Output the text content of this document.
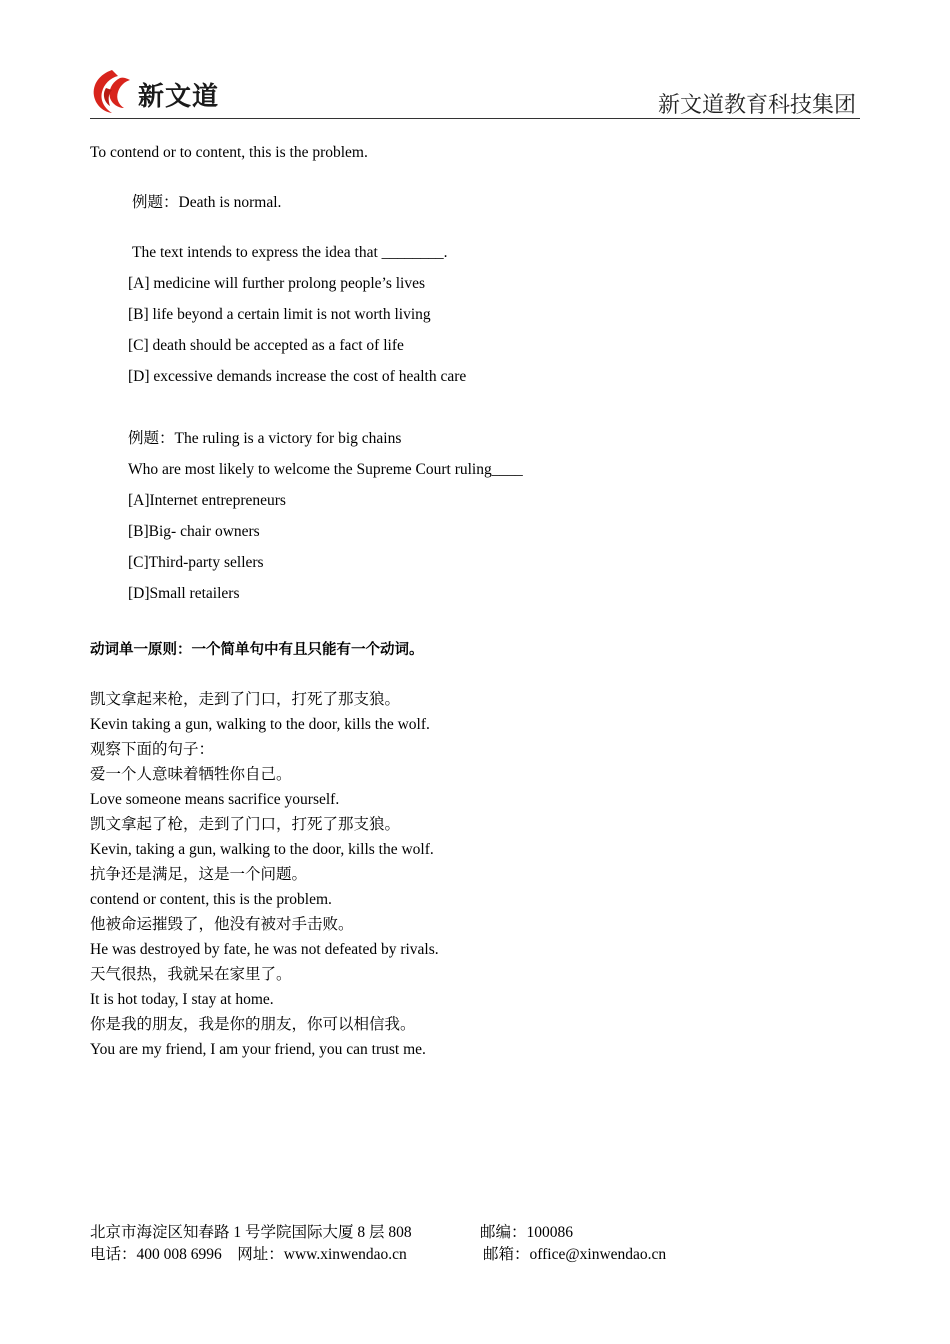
新文道	新文道教育科技集团
To contend or to content, this is the problem.
例题：Death is normal.
The text intends to express the idea that ________.
[A] medicine will further prolong people’s lives
[B] life beyond a certain limit is not worth living
[C] death should be accepted as a fact of life
[D] excessive demands increase the cost of health care
例题：The ruling is a victory for big chains
Who are most likely to welcome the Supreme Court ruling____
[A]Internet entrepreneurs
[B]Big- chair owners
[C]Third-party sellers
[D]Small retailers
动词单一原则：一个简单句中有且只能有一个动词。
凯文拿起来枪，走到了门口，打死了那支狼。
Kevin taking a gun, walking to the door, kills the wolf.
观察下面的句子：
爱一个人意味着牺牲你自己。
Love someone means sacrifice yourself.
凯文拿起了枪，走到了门口，打死了那支狼。
Kevin, taking a gun, walking to the door, kills the wolf.
抗争还是满足，这是一个问题。
contend or content, this is the problem.
他被命运摧毁了，他没有被对手击败。
He was destroyed by fate, he was not defeated by rivals.
天气很热，我就呆在家里了。
It is hot today, I stay at home.
你是我的朋友，我是你的朋友，你可以相信我。
You are my friend, I am your friend, you can trust me.
北京市海淀区知春路 1 号学院国际大厦 8 层 808	邮编：100086
电话：400 008 6996　网址：www.xinwendao.cn	邮箱：office@xinwendao.cn
